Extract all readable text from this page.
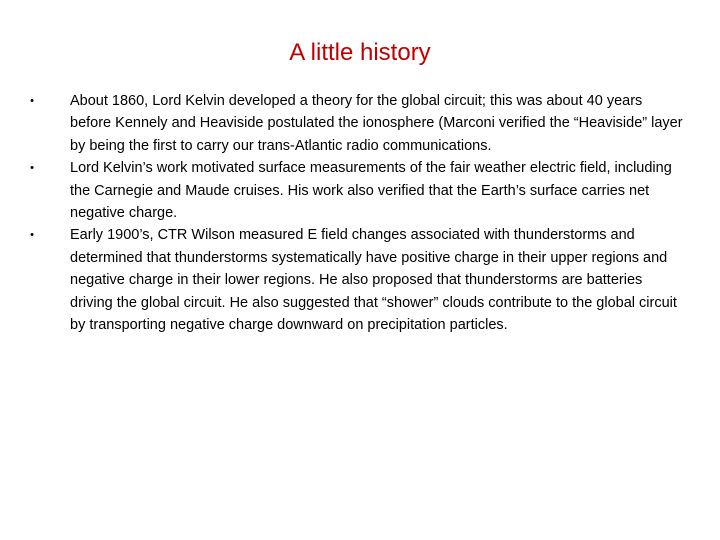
A little history
•	About 1860, Lord Kelvin developed a theory for the global circuit; this was about 40 years before Kennely and Heaviside postulated the ionosphere (Marconi verified the “Heaviside” layer by being the first to carry our trans-Atlantic radio communications.
•	Lord Kelvin’s work motivated surface measurements of the fair weather electric field, including the Carnegie and Maude cruises. His work also verified that the Earth’s surface carries net negative charge.
•	Early 1900’s, CTR Wilson measured E field changes associated with thunderstorms and determined that thunderstorms systematically have positive charge in their upper regions and negative charge in their lower regions. He also proposed that thunderstorms are batteries driving the global circuit. He also suggested that “shower” clouds contribute to the global circuit by transporting negative charge downward on precipitation particles.
